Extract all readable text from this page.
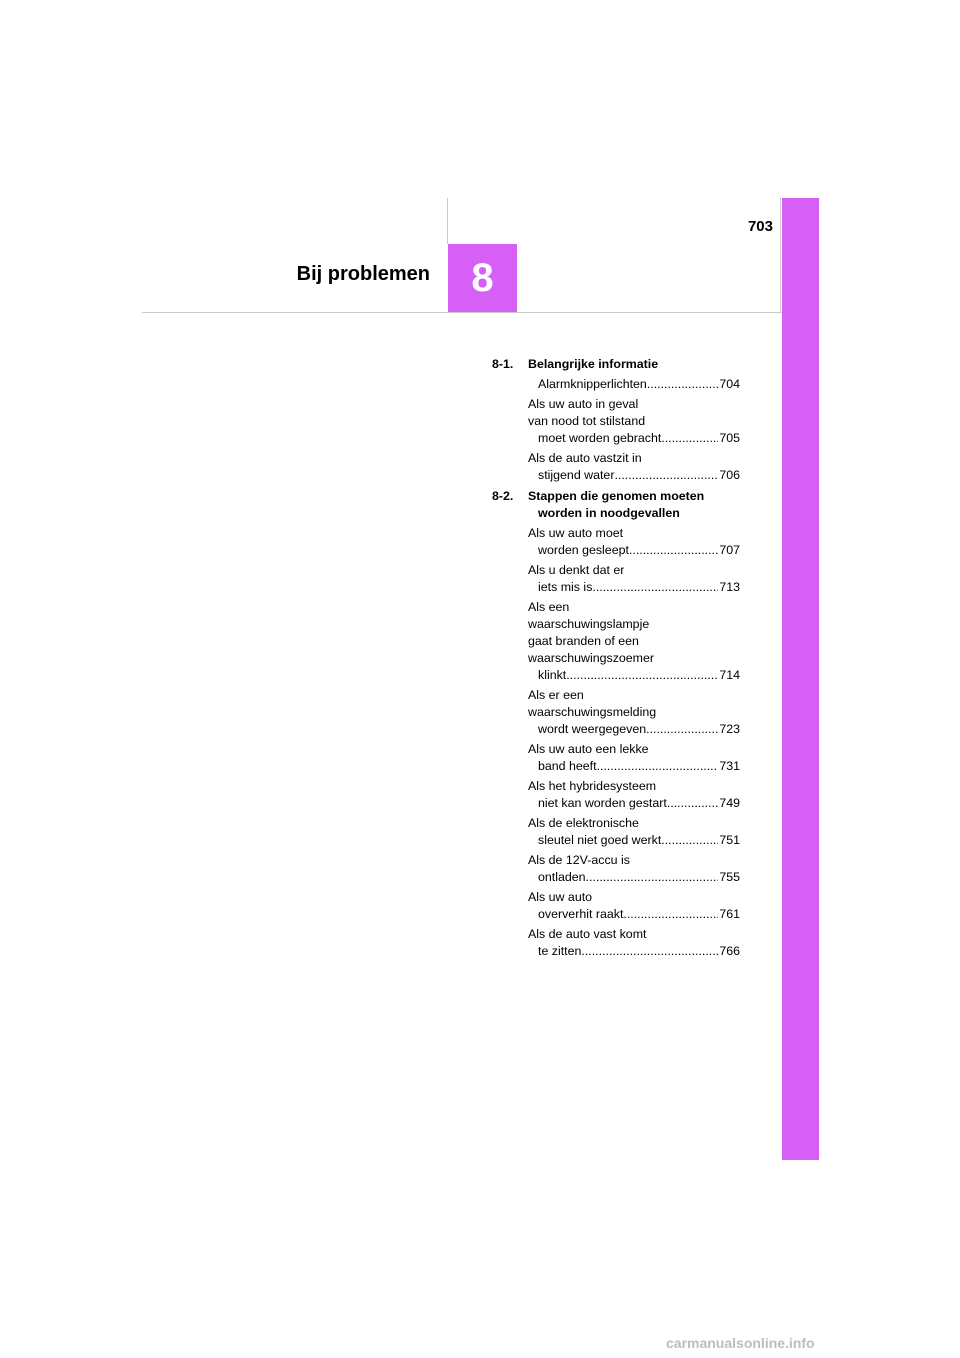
703
8
Bij problemen
8-1.	Belangrijke informatie
Alarmknipperlichten .....	704
Als uw auto in geval
van nood tot stilstand
moet worden gebracht .....	705
Als de auto vastzit in
stijgend water .....	706
8-2.	Stappen die genomen moeten worden in noodgevallen
Als uw auto moet
worden gesleept .....	707
Als u denkt dat er
iets mis is .....	713
Als een
waarschuwingslampje
gaat branden of een
waarschuwingszoemer
klinkt .....	714
Als er een
waarschuwingsmelding
wordt weergegeven .....	723
Als uw auto een lekke
band heeft .....	731
Als het hybridesysteem
niet kan worden gestart .....	749
Als de elektronische
sleutel niet goed werkt .....	751
Als de 12V-accu is
ontladen .....	755
Als uw auto
oververhit raakt .....	761
Als de auto vast komt
te zitten .....	766
carmanualsonline.info
